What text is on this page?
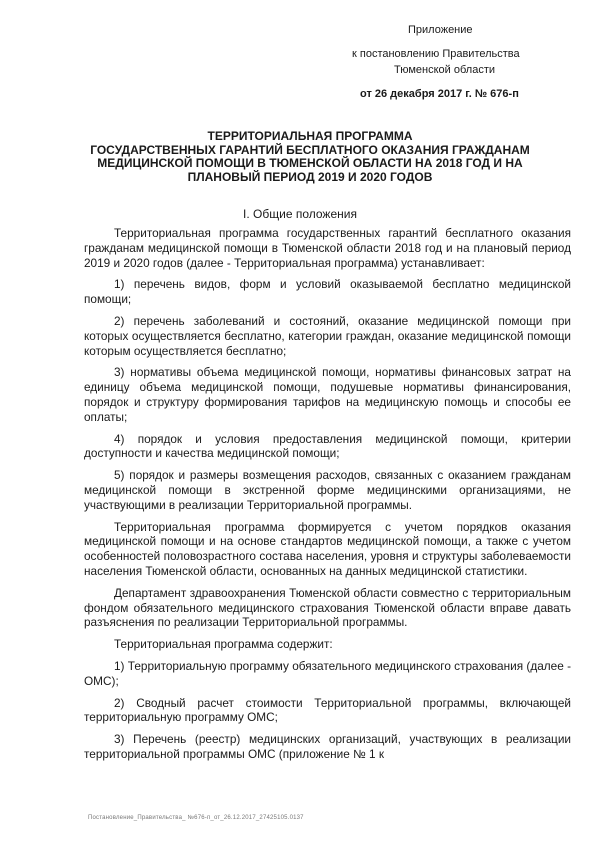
Приложение
к постановлению Правительства
Тюменской области
от 26 декабря 2017 г. № 676-п
ТЕРРИТОРИАЛЬНАЯ ПРОГРАММА
ГОСУДАРСТВЕННЫХ ГАРАНТИЙ БЕСПЛАТНОГО ОКАЗАНИЯ ГРАЖДАНАМ
МЕДИЦИНСКОЙ ПОМОЩИ В ТЮМЕНСКОЙ ОБЛАСТИ НА 2018 ГОД И НА
ПЛАНОВЫЙ ПЕРИОД 2019 И 2020 ГОДОВ
I. Общие положения

Территориальная программа государственных гарантий бесплатного оказания гражданам медицинской помощи в Тюменской области 2018 год и на плановый период 2019 и 2020 годов (далее - Территориальная программа) устанавливает:

1) перечень видов, форм и условий оказываемой бесплатно медицинской помощи;

2) перечень заболеваний и состояний, оказание медицинской помощи при которых осуществляется бесплатно, категории граждан, оказание медицинской помощи которым осуществляется бесплатно;

3) нормативы объема медицинской помощи, нормативы финансовых затрат на единицу объема медицинской помощи, подушевые нормативы финансирования, порядок и структуру формирования тарифов на медицинскую помощь и способы ее оплаты;

4) порядок и условия предоставления медицинской помощи, критерии доступности и качества медицинской помощи;

5) порядок и размеры возмещения расходов, связанных с оказанием гражданам медицинской помощи в экстренной форме медицинскими организациями, не участвующими в реализации Территориальной программы.

Территориальная программа формируется с учетом порядков оказания медицинской помощи и на основе стандартов медицинской помощи, а также с учетом особенностей половозрастного состава населения, уровня и структуры заболеваемости населения Тюменской области, основанных на данных медицинской статистики.

Департамент здравоохранения Тюменской области совместно с территориальным фондом обязательного медицинского страхования Тюменской области вправе давать разъяснения по реализации Территориальной программы.

Территориальная программа содержит:

1) Территориальную программу обязательного медицинского страхования (далее - ОМС);

2) Сводный расчет стоимости Территориальной программы, включающей территориальную программу ОМС;

3) Перечень (реестр) медицинских организаций, участвующих в реализации территориальной программы ОМС (приложение № 1 к

Постановление_Правительства_ №676-п_от_26.12.2017_27425105.0137
